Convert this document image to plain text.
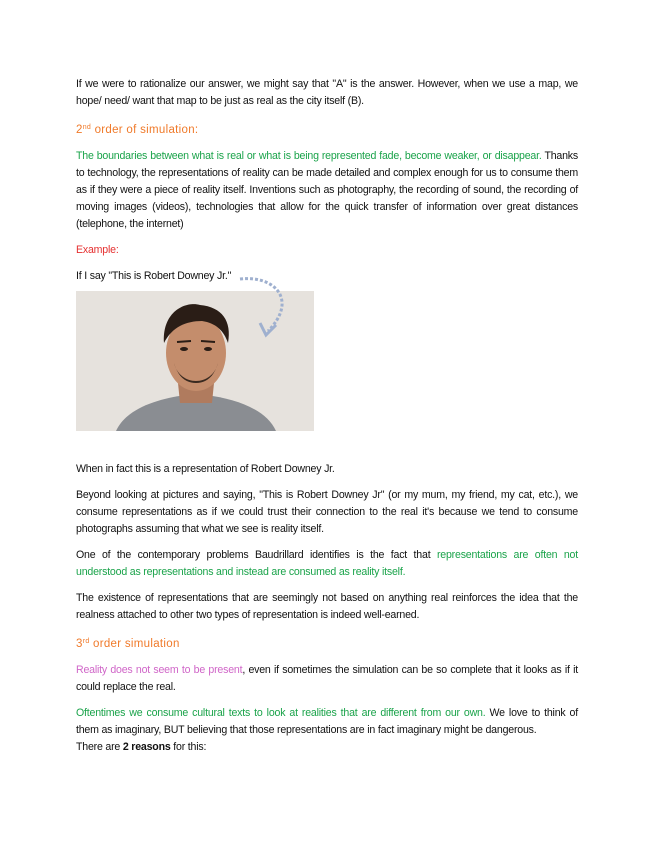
If we were to rationalize our answer, we might say that "A" is the answer. However, when we use a map, we hope/ need/ want that map to be just as real as the city itself (B).

2nd order of simulation:

The boundaries between what is real or what is being represented fade, become weaker, or disappear. Thanks to technology, the representations of reality can be made detailed and complex enough for us to consume them as if they were a piece of reality itself. Inventions such as photography, the recording of sound, the recording of moving images (videos), technologies that allow for the quick transfer of information over great distances (telephone, the internet)

Example:

If I say "This is Robert Downey Jr."

When in fact this is a representation of Robert Downey Jr.

Beyond looking at pictures and saying, "This is Robert Downey Jr" (or my mum, my friend, my cat, etc.), we consume representations as if we could trust their connection to the real it's because we tend to consume photographs assuming that what we see is reality itself.

One of the contemporary problems Baudrillard identifies is the fact that representations are often not understood as representations and instead are consumed as reality itself.

The existence of representations that are seemingly not based on anything real reinforces the idea that the realness attached to other two types of representation is indeed well-earned.

3rd order simulation

Reality does not seem to be present, even if sometimes the simulation can be so complete that it looks as if it could replace the real.

Oftentimes we consume cultural texts to look at realities that are different from our own. We love to think of them as imaginary, BUT believing that those representations are in fact imaginary might be dangerous.

There are 2 reasons for this:
